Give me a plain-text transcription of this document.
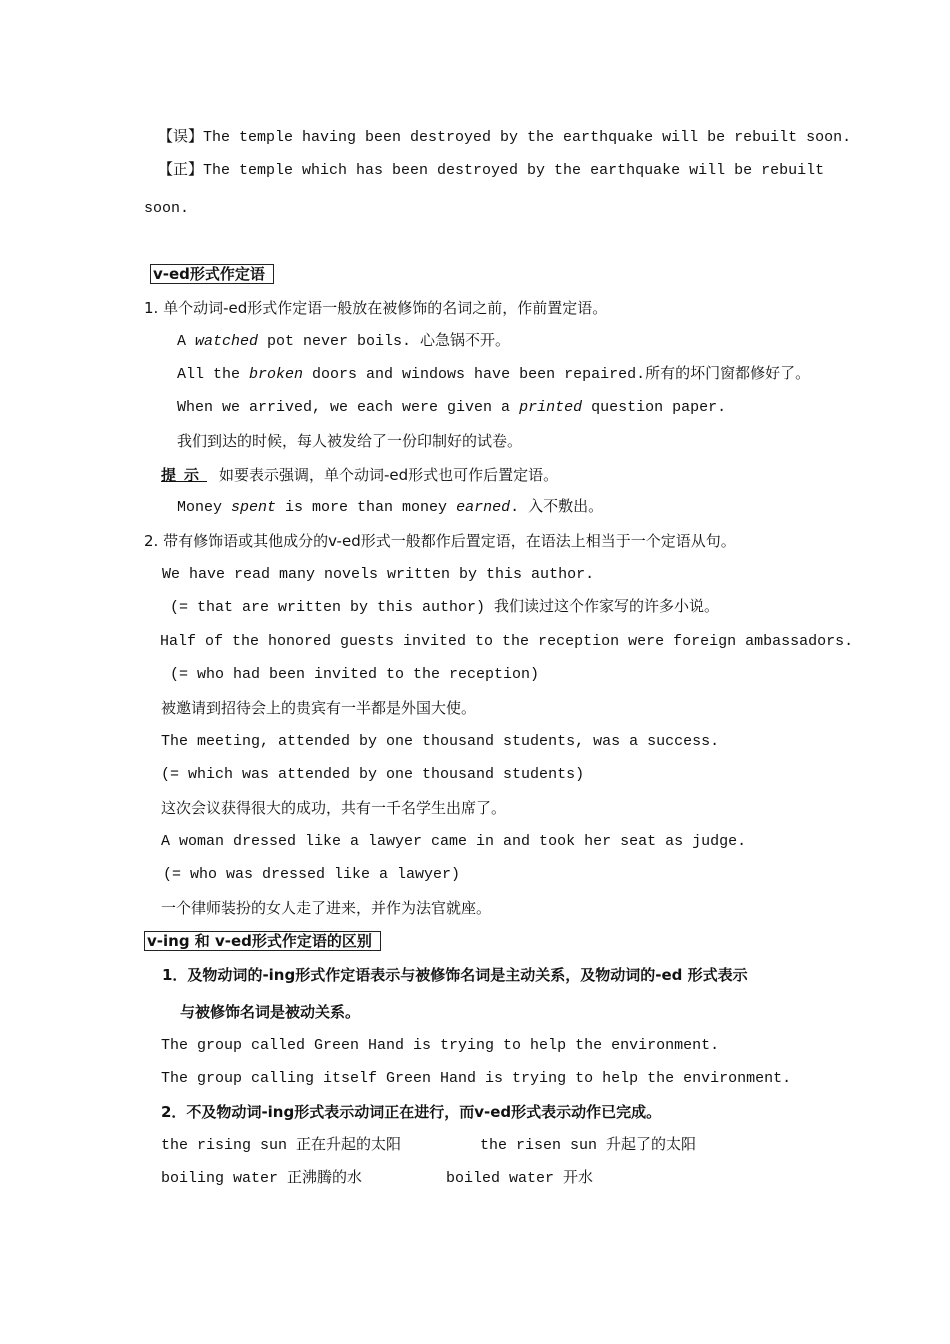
【误】The temple having been destroyed by the earthquake will be rebuilt soon.
【正】The temple which has been destroyed by the earthquake will be rebuilt
soon.
v-ed形式作定语
1. 单个动词-ed形式作定语一般放在被修饰的名词之前，作前置定语。
A watched pot never boils. 心急锅不开。
All the broken doors and windows have been repaired.所有的坏门窗都修好了。
When we arrived, we each were given a printed question paper.
我们到达的时候，每人被发给了一份印制好的试卷。
提示 如要表示强调，单个动词-ed形式也可作后置定语。
Money spent is more than money earned. 入不敷出。
2. 带有修饰语或其他成分的v-ed形式一般都作后置定语，在语法上相当于一个定语从句。
We have read many novels written by this author.
(= that are written by this author) 我们读过这个作家写的许多小说。
Half of the honored guests invited to the reception were foreign ambassadors.
(= who had been invited to the reception)
被邀请到招待会上的贵宾有一半都是外国大使。
The meeting, attended by one thousand students, was a success.
(= which was attended by one thousand students)
这次会议获得很大的成功，共有一千名学生出席了。
A woman dressed like a lawyer came in and took her seat as judge.
(= who was dressed like a lawyer)
一个律师装扮的女人走了进来，并作为法官就座。
v-ing 和 v-ed形式作定语的区别
1．及物动词的-ing形式作定语表示与被修饰名词是主动关系，及物动词的-ed 形式表示
与被修饰名词是被动关系。
The group called Green Hand is trying to help the environment.
The group calling itself Green Hand is trying to help the environment.
2．不及物动词-ing形式表示动词正在进行，而v-ed形式表示动作已完成。
the rising sun 正在升起的太阳	the risen sun 升起了的太阳
boiling water 正沸腾的水	boiled water 开水
